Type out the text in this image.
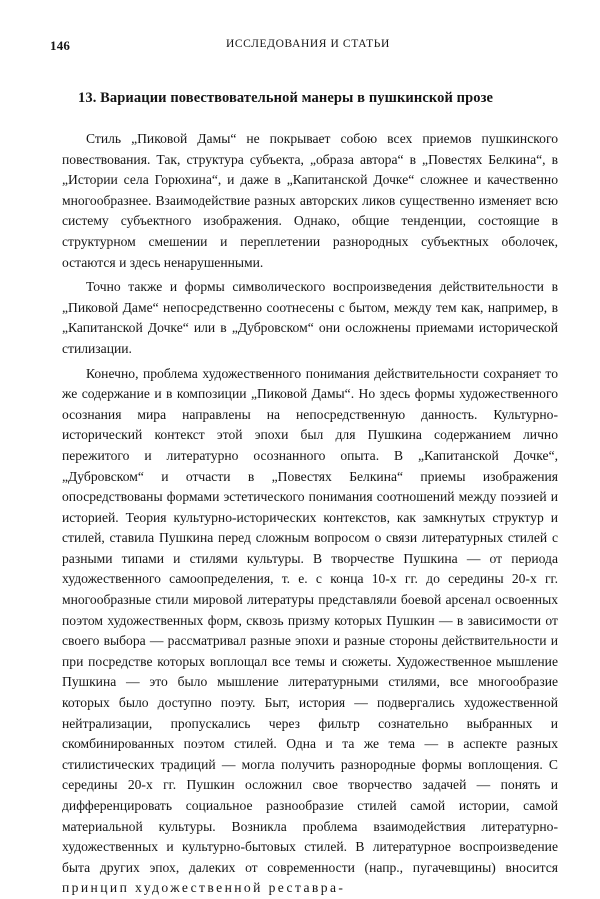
146	ИССЛЕДОВАНИЯ И СТАТЬИ
13. Вариации повествовательной манеры в пушкинской прозе

Стиль „Пиковой Дамы“ не покрывает собою всех приемов пушкинского повествования. Так, структура субъекта, „образа автора“ в „Повестях Белкина“, в „Истории села Горюхина“, и даже в „Капитанской Дочке“ сложнее и качественно многообразнее. Взаимодействие разных авторских ликов существенно изменяет всю систему субъектного изображения. Однако, общие тенденции, состоящие в структурном смешении и переплетении разнородных субъектных оболочек, остаются и здесь ненарушенными.

Точно также и формы символического воспроизведения действительности в „Пиковой Даме“ непосредственно соотнесены с бытом, между тем как, например, в „Капитанской Дочке“ или в „Дубровском“ они осложнены приемами исторической стилизации.

Конечно, проблема художественного понимания действительности сохраняет то же содержание и в композиции „Пиковой Дамы“. Но здесь формы художественного осознания мира направлены на непосредственную данность. Культурно-исторический контекст этой эпохи был для Пушкина содержанием лично пережитого и литературно осознанного опыта. В „Капитанской Дочке“, „Дубровском“ и отчасти в „Повестях Белкина“ приемы изображения опосредствованы формами эстетического понимания соотношений между поэзией и историей. Теория культурно-исторических контекстов, как замкнутых структур и стилей, ставила Пушкина перед сложным вопросом о связи литературных стилей с разными типами и стилями культуры. В творчестве Пушкина — от периода художественного самоопределения, т. е. с конца 10-х гг. до середины 20-х гг. многообразные стили мировой литературы представляли боевой арсенал освоенных поэтом художественных форм, сквозь призму которых Пушкин — в зависимости от своего выбора — рассматривал разные эпохи и разные стороны действительности и при посредстве которых воплощал все темы и сюжеты. Художественное мышление Пушкина — это было мышление литературными стилями, все многообразие которых было доступно поэту. Быт, история — подвергались художественной нейтрализации, пропускались через фильтр сознательно выбранных и скомбинированных поэтом стилей. Одна и та же тема — в аспекте разных стилистических традиций — могла получить разнородные формы воплощения. С середины 20-х гг. Пушкин осложнил свое творчество задачей — понять и дифференцировать социальное разнообразие стилей самой истории, самой материальной культуры. Возникла проблема взаимодействия литературно-художественных и культурно-бытовых стилей. В литературное воспроизведение быта других эпох, далеких от современности (напр., пугачевщины) вносится принцип художественной реставра-
